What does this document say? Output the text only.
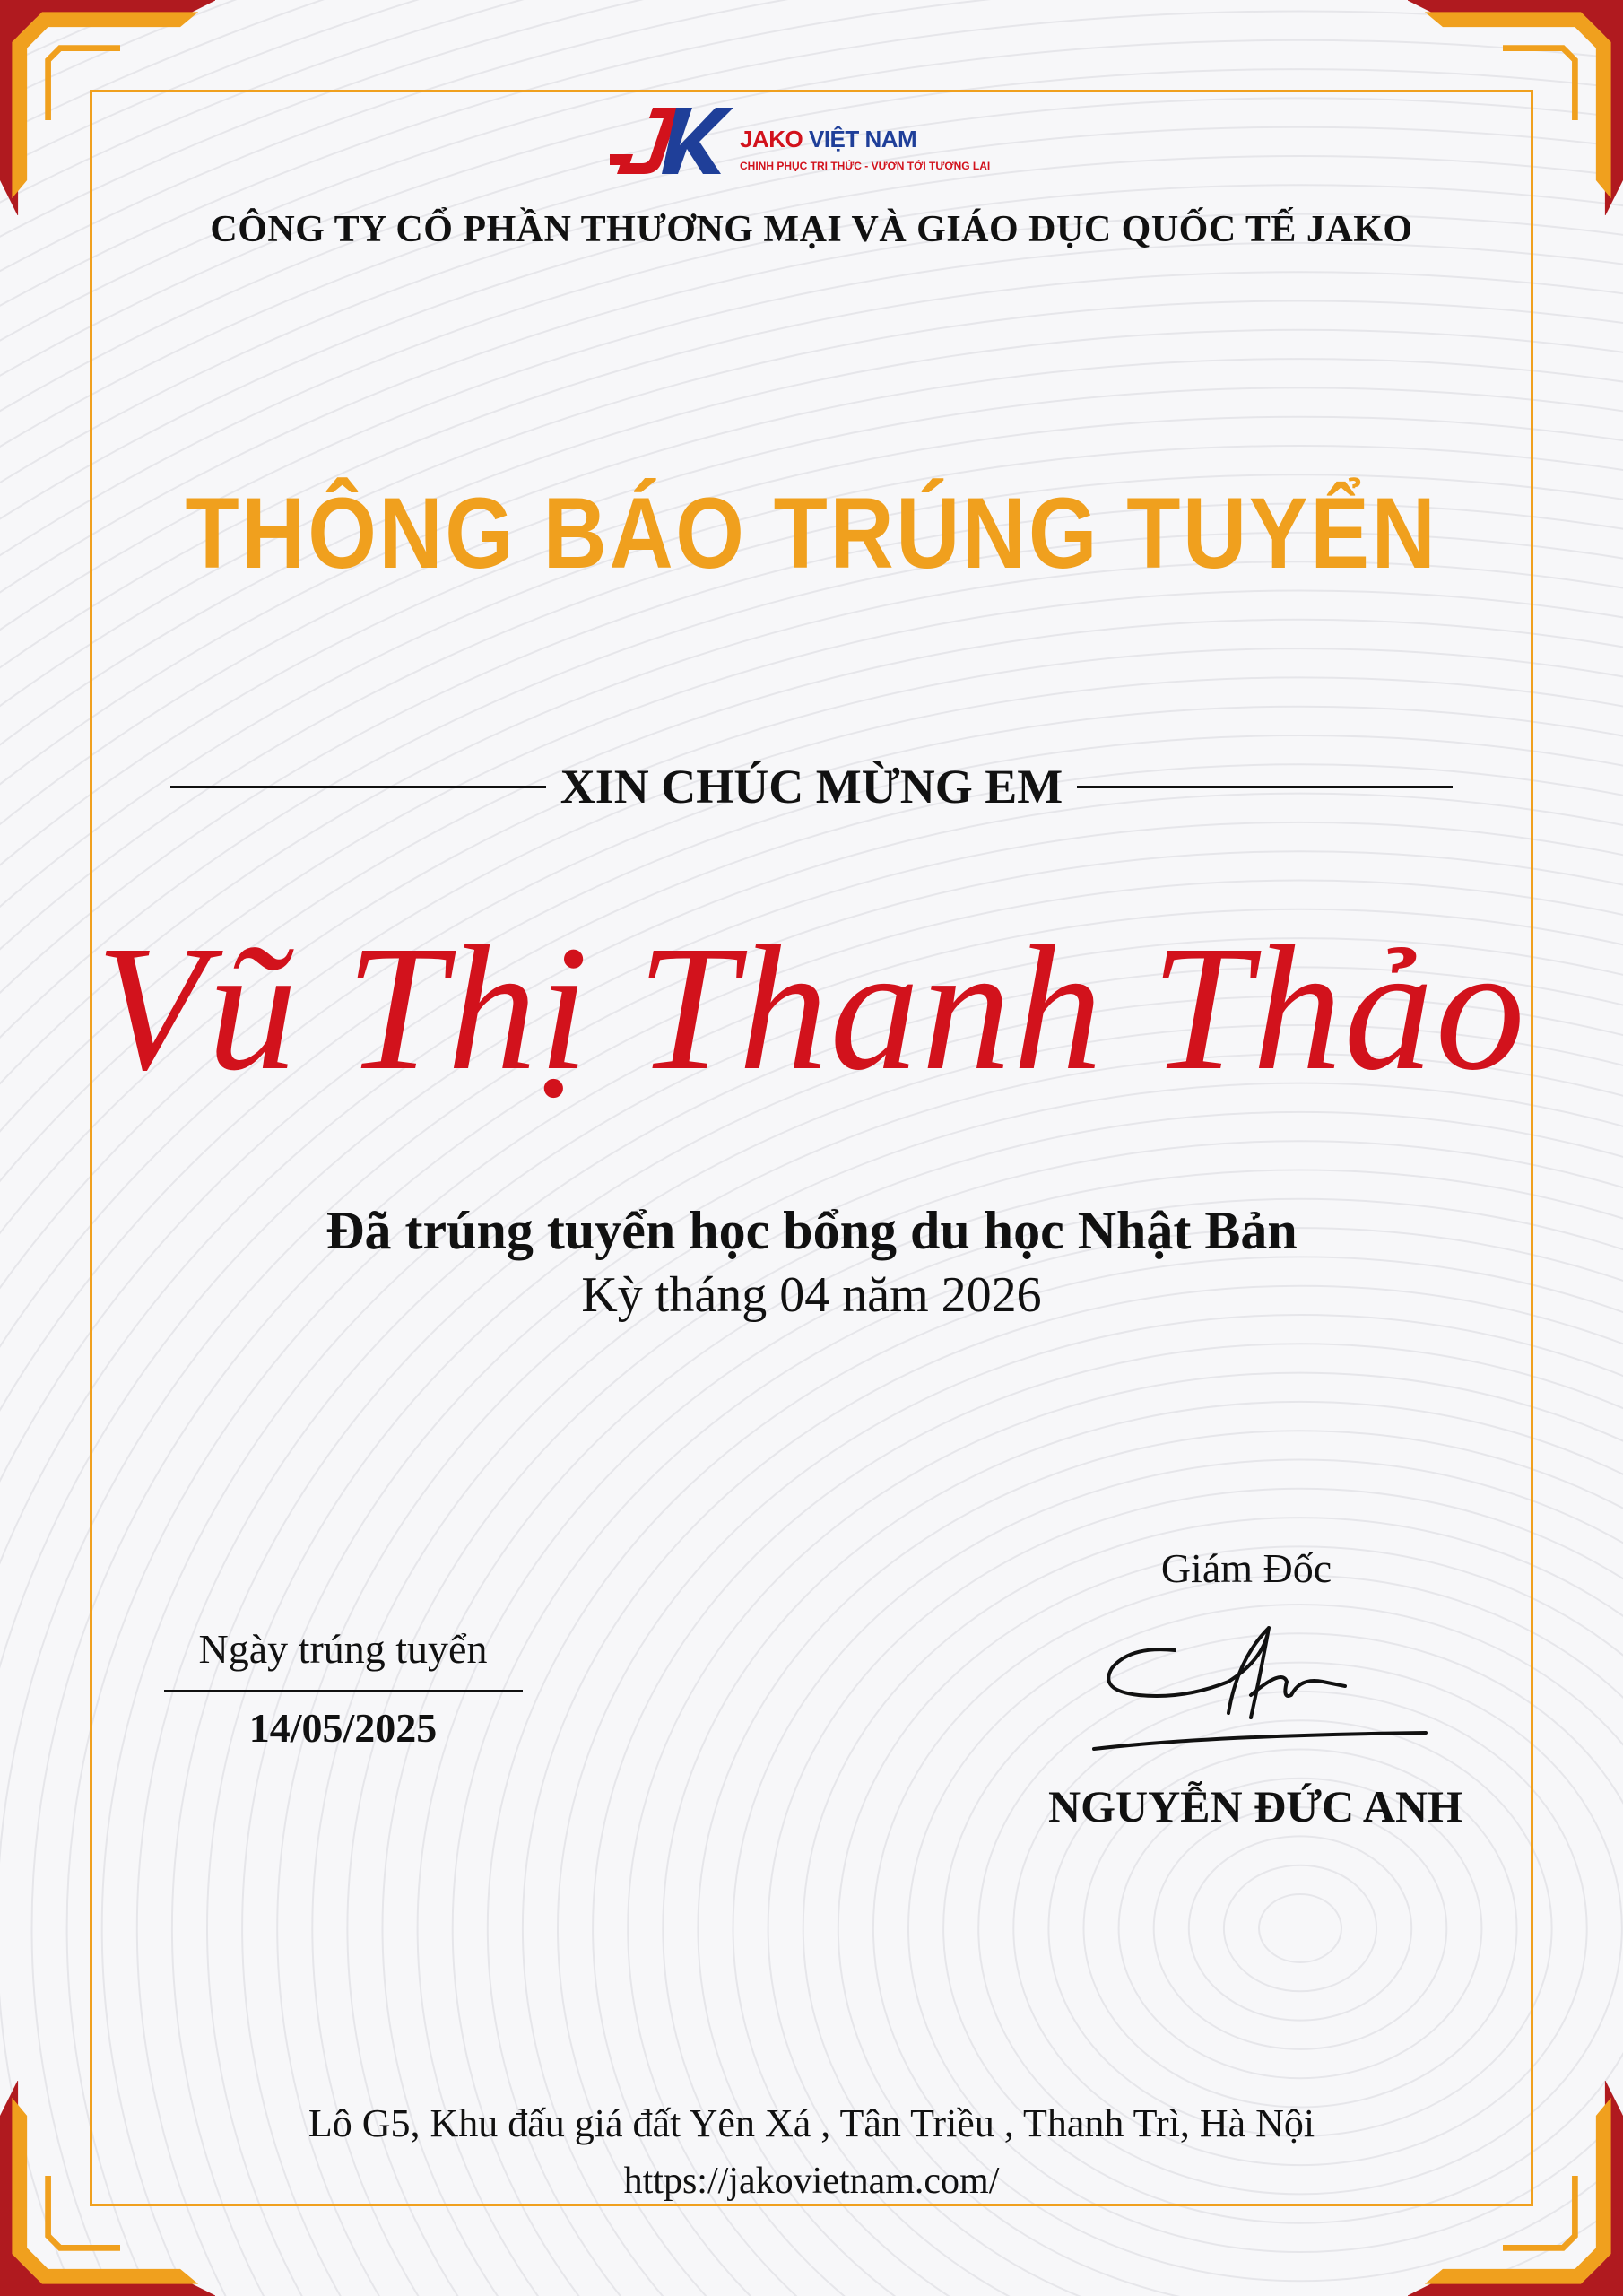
JAKO VIỆT NAM
CHINH PHỤC TRI THỨC - VƯƠN TỚI TƯƠNG LAI
CÔNG TY CỔ PHẦN THƯƠNG MẠI VÀ GIÁO DỤC QUỐC TẾ JAKO
THÔNG BÁO TRÚNG TUYỂN
XIN CHÚC MỪNG EM
Vũ Thị Thanh Thảo
Đã trúng tuyển học bổng du học Nhật Bản
Kỳ tháng 04 năm 2026
Ngày trúng tuyển
14/05/2025
Giám Đốc
NGUYỄN ĐỨC ANH
Lô G5, Khu đấu giá đất Yên Xá , Tân Triều , Thanh Trì, Hà Nội
https://jakovietnam.com/
